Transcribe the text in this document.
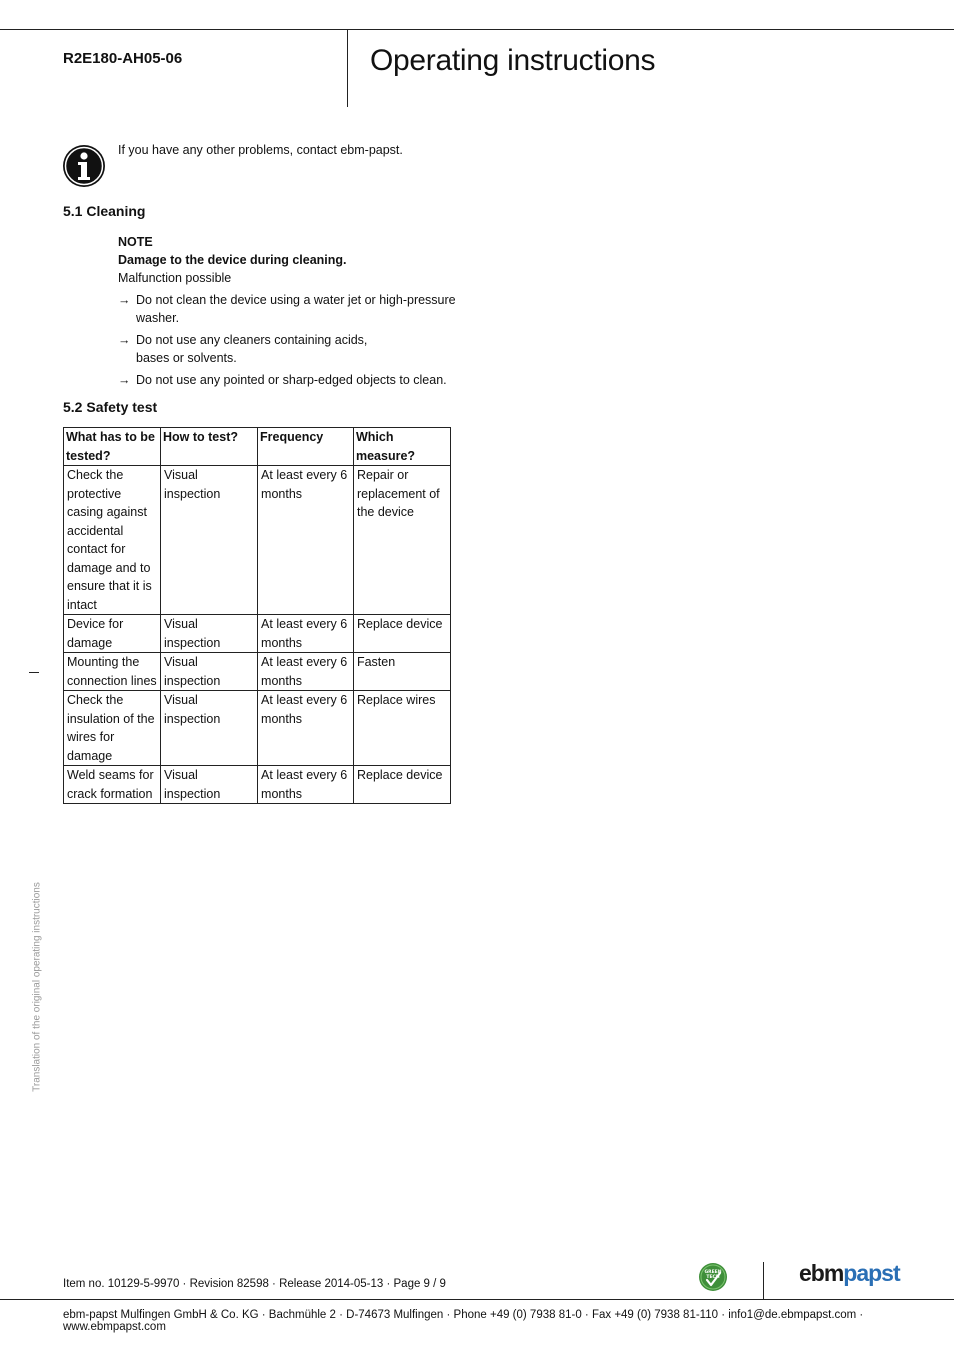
R2E180-AH05-06	Operating instructions
If you have any other problems, contact ebm-papst.
5.1 Cleaning
NOTE
Damage to the device during cleaning.
Malfunction possible
→ Do not clean the device using a water jet or high-pressure
washer.
→ Do not use any cleaners containing acids,
bases or solvents.
→ Do not use any pointed or sharp-edged objects to clean.
5.2 Safety test
What has to be tested?	How to test?	Frequency	Which measure?
Check the protective casing against accidental contact for damage and to ensure that it is intact	Visual inspection	At least every 6 months	Repair or replacement of the device
Device for damage	Visual inspection	At least every 6 months	Replace device
Mounting the connection lines	Visual inspection	At least every 6 months	Fasten
Check the insulation of the wires for damage	Visual inspection	At least every 6 months	Replace wires
Weld seams for crack formation	Visual inspection	At least every 6 months	Replace device
Translation of the original operating instructions
Item no. 10129-5-9970 · Revision 82598 · Release 2014-05-13 · Page 9 / 9
GREEN
TECH	ebmpapst
ebm-papst Mulfingen GmbH & Co. KG · Bachmühle 2 · D-74673 Mulfingen · Phone +49 (0) 7938 81-0 · Fax +49 (0) 7938 81-110 · info1@de.ebmpapst.com · www.ebmpapst.com
